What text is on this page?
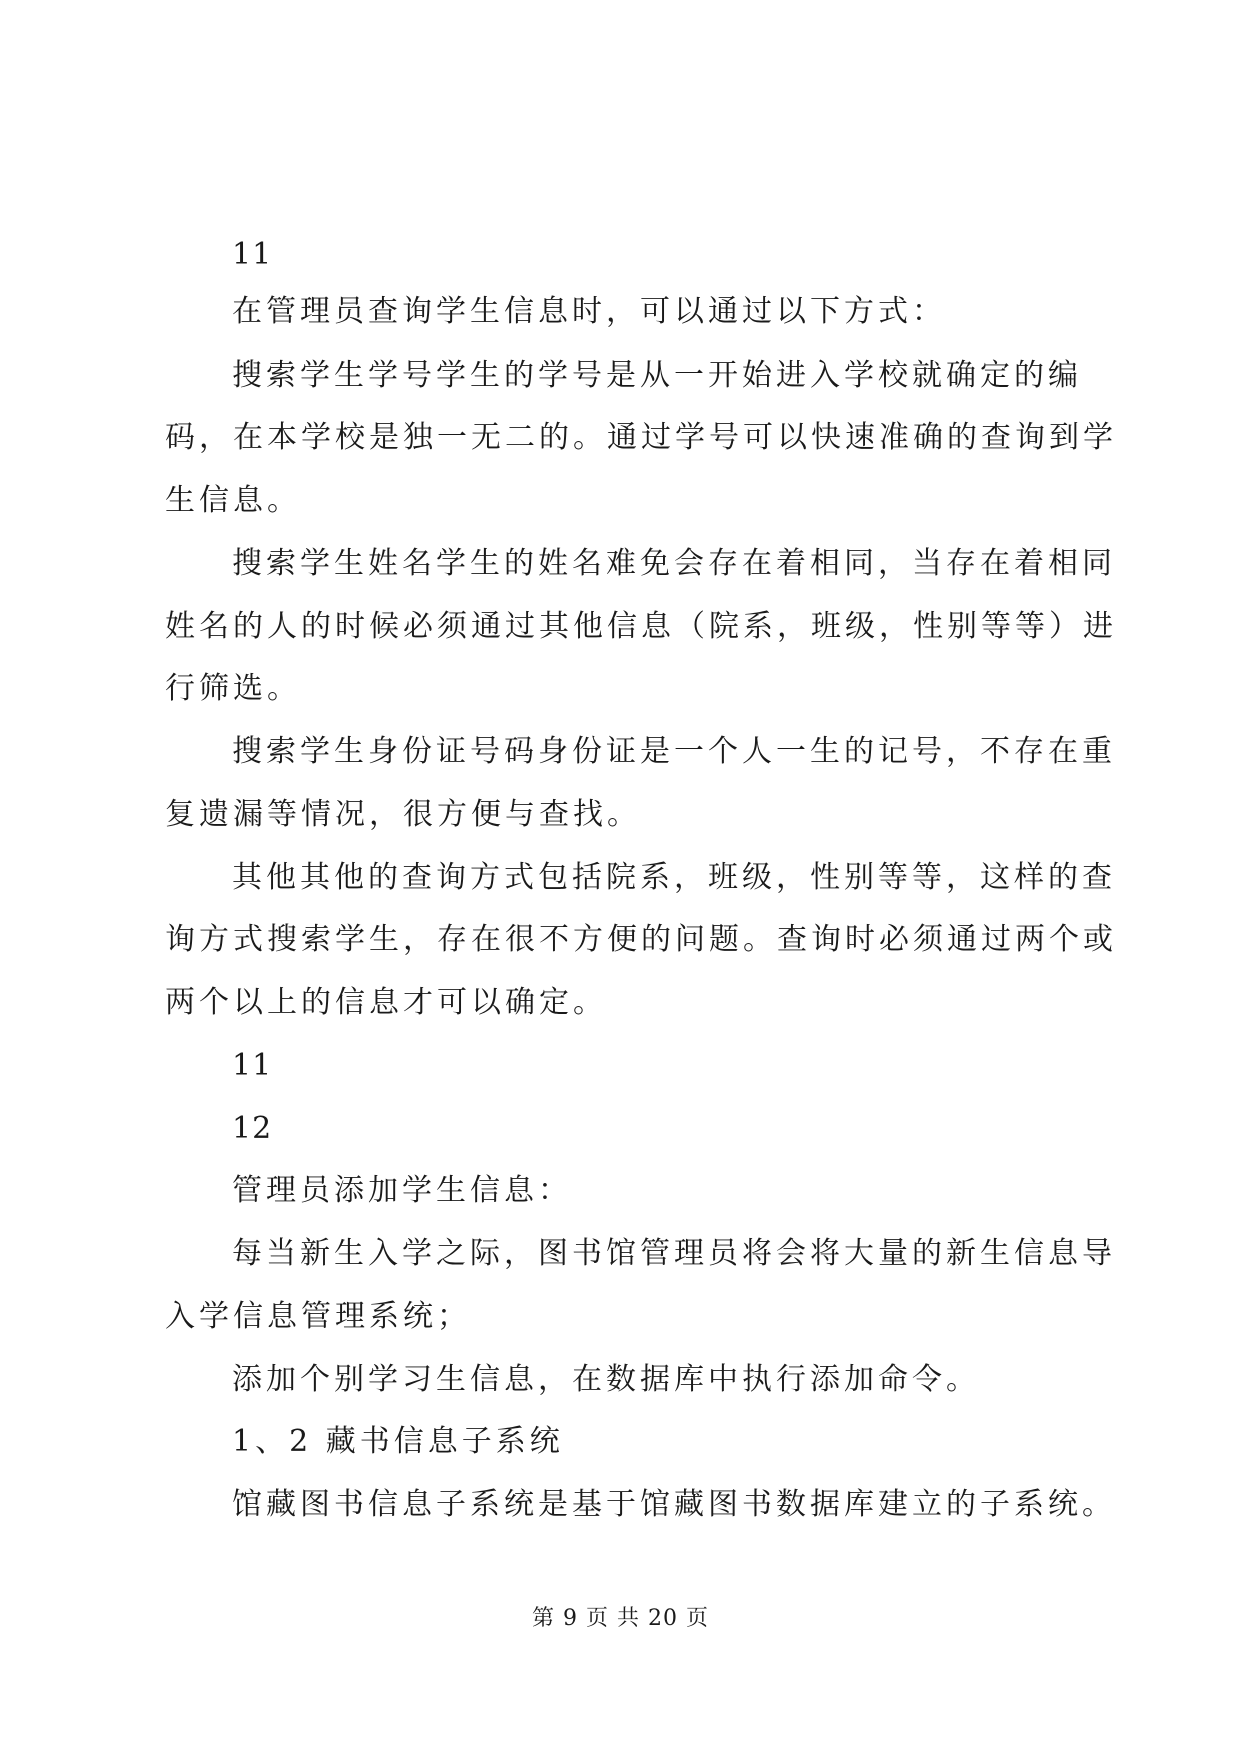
11

在管理员查询学生信息时，可以通过以下方式：

搜索学生学号学生的学号是从一开始进入学校就确定的编

码，在本学校是独一无二的。通过学号可以快速准确的查询到学

生信息。

搜索学生姓名学生的姓名难免会存在着相同，当存在着相同

姓名的人的时候必须通过其他信息（院系，班级，性别等等）进

行筛选。

搜索学生身份证号码身份证是一个人一生的记号，不存在重

复遗漏等情况，很方便与查找。

其他其他的查询方式包括院系，班级，性别等等，这样的查

询方式搜索学生，存在很不方便的问题。查询时必须通过两个或

两个以上的信息才可以确定。

11

12

管理员添加学生信息：

每当新生入学之际，图书馆管理员将会将大量的新生信息导

入学信息管理系统；

添加个别学习生信息，在数据库中执行添加命令。

1、2 藏书信息子系统

馆藏图书信息子系统是基于馆藏图书数据库建立的子系统。

第 9 页 共 20 页
